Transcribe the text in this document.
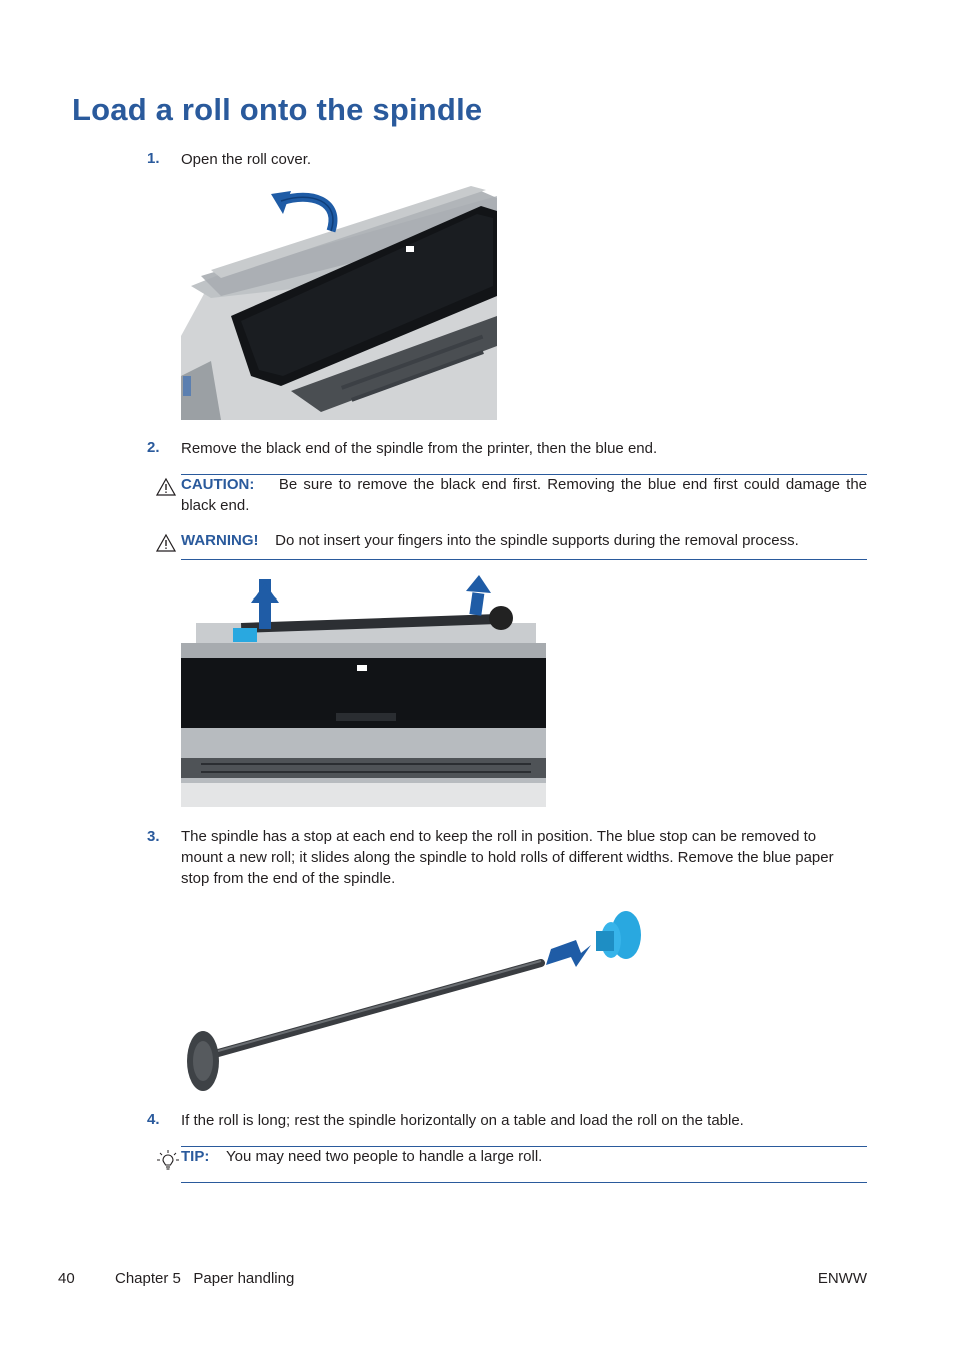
Load a roll onto the spindle
1. Open the roll cover.
2. Remove the black end of the spindle from the printer, then the blue end.
CAUTION: Be sure to remove the black end first. Removing the blue end first could damage the black end.
WARNING! Do not insert your fingers into the spindle supports during the removal process.
3. The spindle has a stop at each end to keep the roll in position. The blue stop can be removed to mount a new roll; it slides along the spindle to hold rolls of different widths. Remove the blue paper stop from the end of the spindle.
4. If the roll is long; rest the spindle horizontally on a table and load the roll on the table.
TIP: You may need two people to handle a large roll.
40	Chapter 5   Paper handling	ENWW
